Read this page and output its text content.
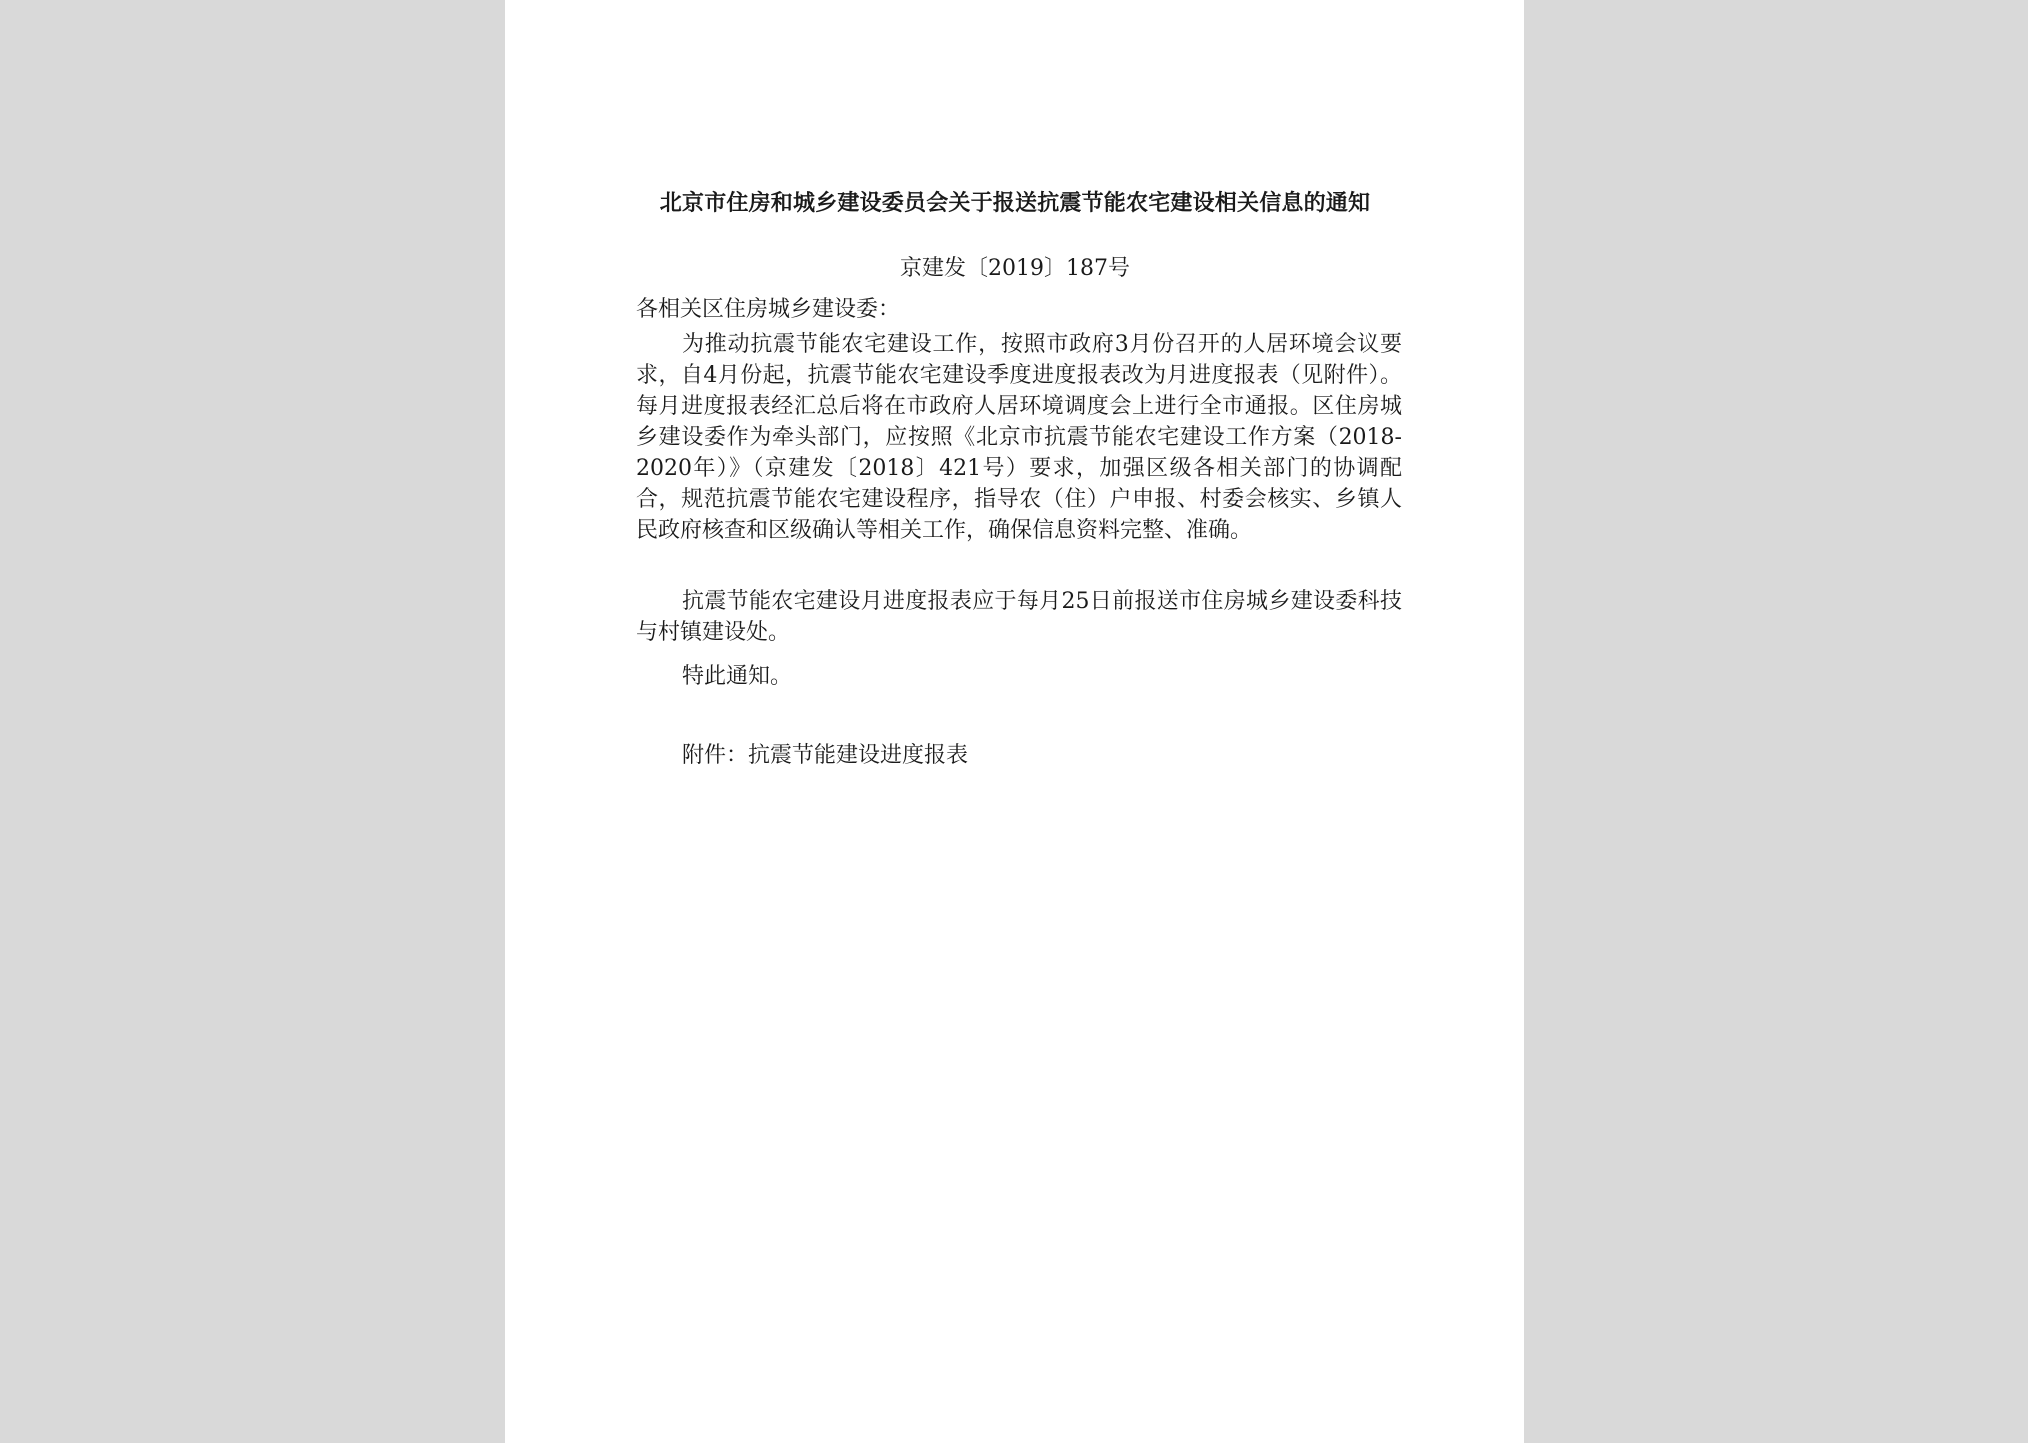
北京市住房和城乡建设委员会关于报送抗震节能农宅建设相关信息的通知
京建发〔2019〕187号
各相关区住房城乡建设委：
为推动抗震节能农宅建设工作，按照市政府3月份召开的人居环境会议要求，自4月份起，抗震节能农宅建设季度进度报表改为月进度报表（见附件）。每月进度报表经汇总后将在市政府人居环境调度会上进行全市通报。区住房城乡建设委作为牵头部门，应按照《北京市抗震节能农宅建设工作方案（2018-2020年）》（京建发〔2018〕421号）要求，加强区级各相关部门的协调配合，规范抗震节能农宅建设程序，指导农（住）户申报、村委会核实、乡镇人民政府核查和区级确认等相关工作，确保信息资料完整、准确。
抗震节能农宅建设月进度报表应于每月25日前报送市住房城乡建设委科技与村镇建设处。
特此通知。
附件：抗震节能建设进度报表
